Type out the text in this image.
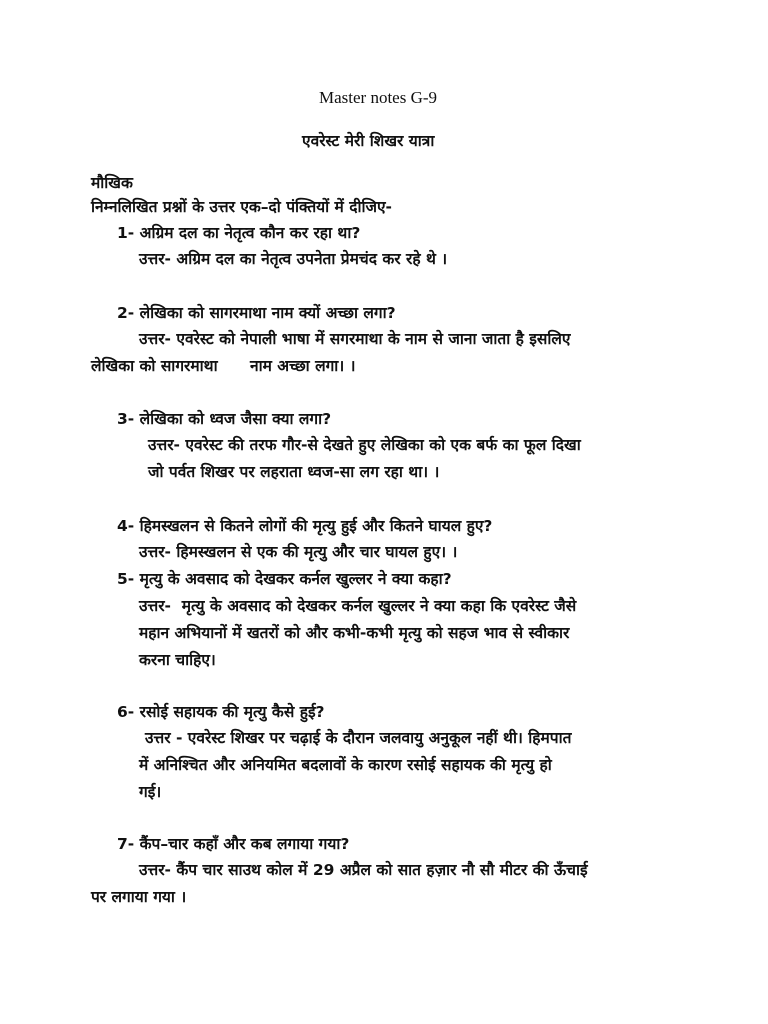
Master notes G-9
एवरेस्ट मेरी शिखर यात्रा
मौखिक
निम्नलिखित प्रश्नों के उत्तर एक–दो पंक्तियों में दीजिए-
1- अग्रिम दल का नेतृत्व कौन कर रहा था?
उत्तर- अग्रिम दल का नेतृत्व उपनेता प्रेमचंद कर रहे थे ।
2- लेखिका को सागरमाथा नाम क्यों अच्छा लगा?
उत्तर- एवरेस्ट को नेपाली भाषा में सगरमाथा के नाम से जाना जाता है इसलिए
लेखिका को सागरमाथा      नाम अच्छा लगा। ।
3- लेखिका को ध्वज जैसा क्या लगा?
उत्तर- एवरेस्ट की तरफ गौर-से देखते हुए लेखिका को एक बर्फ का फूल दिखा
जो पर्वत शिखर पर लहराता ध्वज-सा लग रहा था। ।
4- हिमस्खलन से कितने लोगों की मृत्यु हुई और कितने घायल हुए?
उत्तर- हिमस्खलन से एक की मृत्यु और चार घायल हुए। ।
5- मृत्यु के अवसाद को देखकर कर्नल खुल्लर ने क्या कहा?
उत्तर-  मृत्यु के अवसाद को देखकर कर्नल खुल्लर ने क्या कहा कि एवरेस्ट जैसे
महान अभियानों में खतरों को और कभी-कभी मृत्यु को सहज भाव से स्वीकार
करना चाहिए।
6- रसोई सहायक की मृत्यु कैसे हुई?
उत्तर - एवरेस्ट शिखर पर चढ़ाई के दौरान जलवायु अनुकूल नहीं थी। हिमपात
में अनिश्चित और अनियमित बदलावों के कारण रसोई सहायक की मृत्यु हो
गई।
7- कैंप–चार कहाँ और कब लगाया गया?
उत्तर- कैंप चार साउथ कोल में 29 अप्रैल को सात हज़ार नौ सौ मीटर की ऊँचाई
पर लगाया गया ।
